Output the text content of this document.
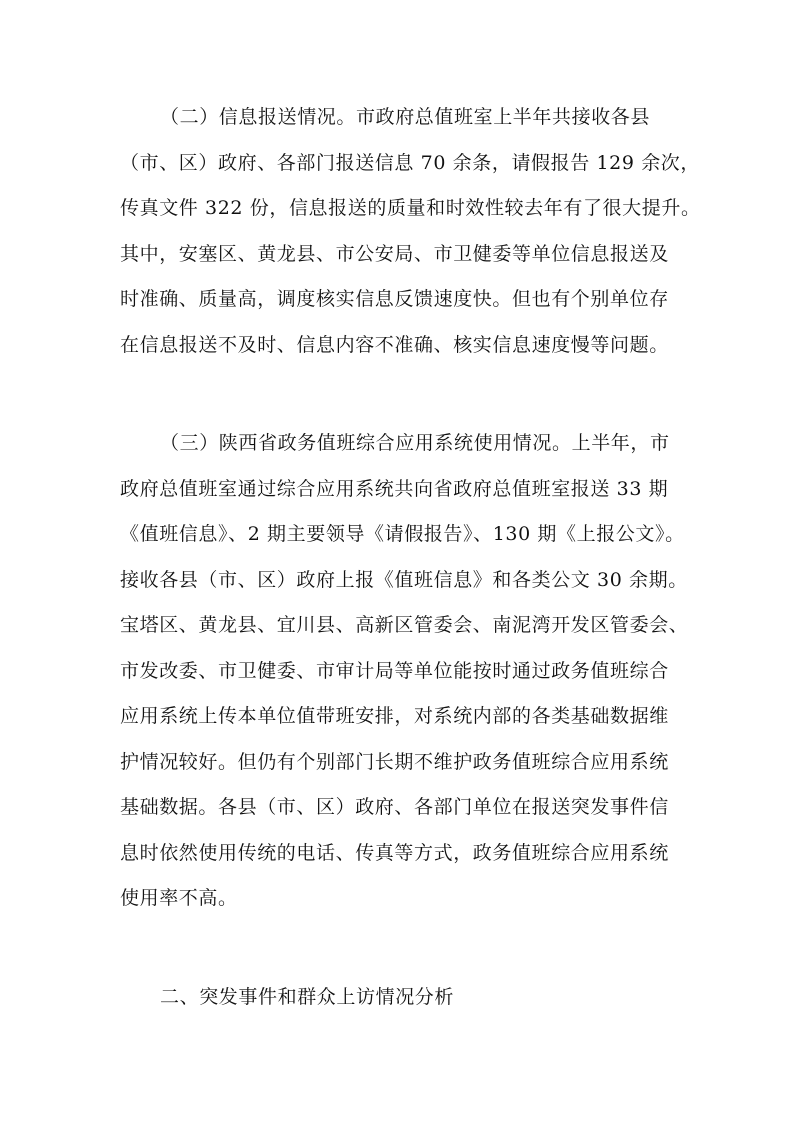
（二）信息报送情况。市政府总值班室上半年共接收各县
（市、区）政府、各部门报送信息 70 余条，请假报告 129 余次，
传真文件 322 份，信息报送的质量和时效性较去年有了很大提升。
其中，安塞区、黄龙县、市公安局、市卫健委等单位信息报送及
时准确、质量高，调度核实信息反馈速度快。但也有个别单位存
在信息报送不及时、信息内容不准确、核实信息速度慢等问题。
（三）陕西省政务值班综合应用系统使用情况。上半年，市
政府总值班室通过综合应用系统共向省政府总值班室报送 33 期
《值班信息》、2 期主要领导《请假报告》、130 期《上报公文》。
接收各县（市、区）政府上报《值班信息》和各类公文 30 余期。
宝塔区、黄龙县、宜川县、高新区管委会、南泥湾开发区管委会、
市发改委、市卫健委、市审计局等单位能按时通过政务值班综合
应用系统上传本单位值带班安排，对系统内部的各类基础数据维
护情况较好。但仍有个别部门长期不维护政务值班综合应用系统
基础数据。各县（市、区）政府、各部门单位在报送突发事件信
息时依然使用传统的电话、传真等方式，政务值班综合应用系统
使用率不高。
二、突发事件和群众上访情况分析
